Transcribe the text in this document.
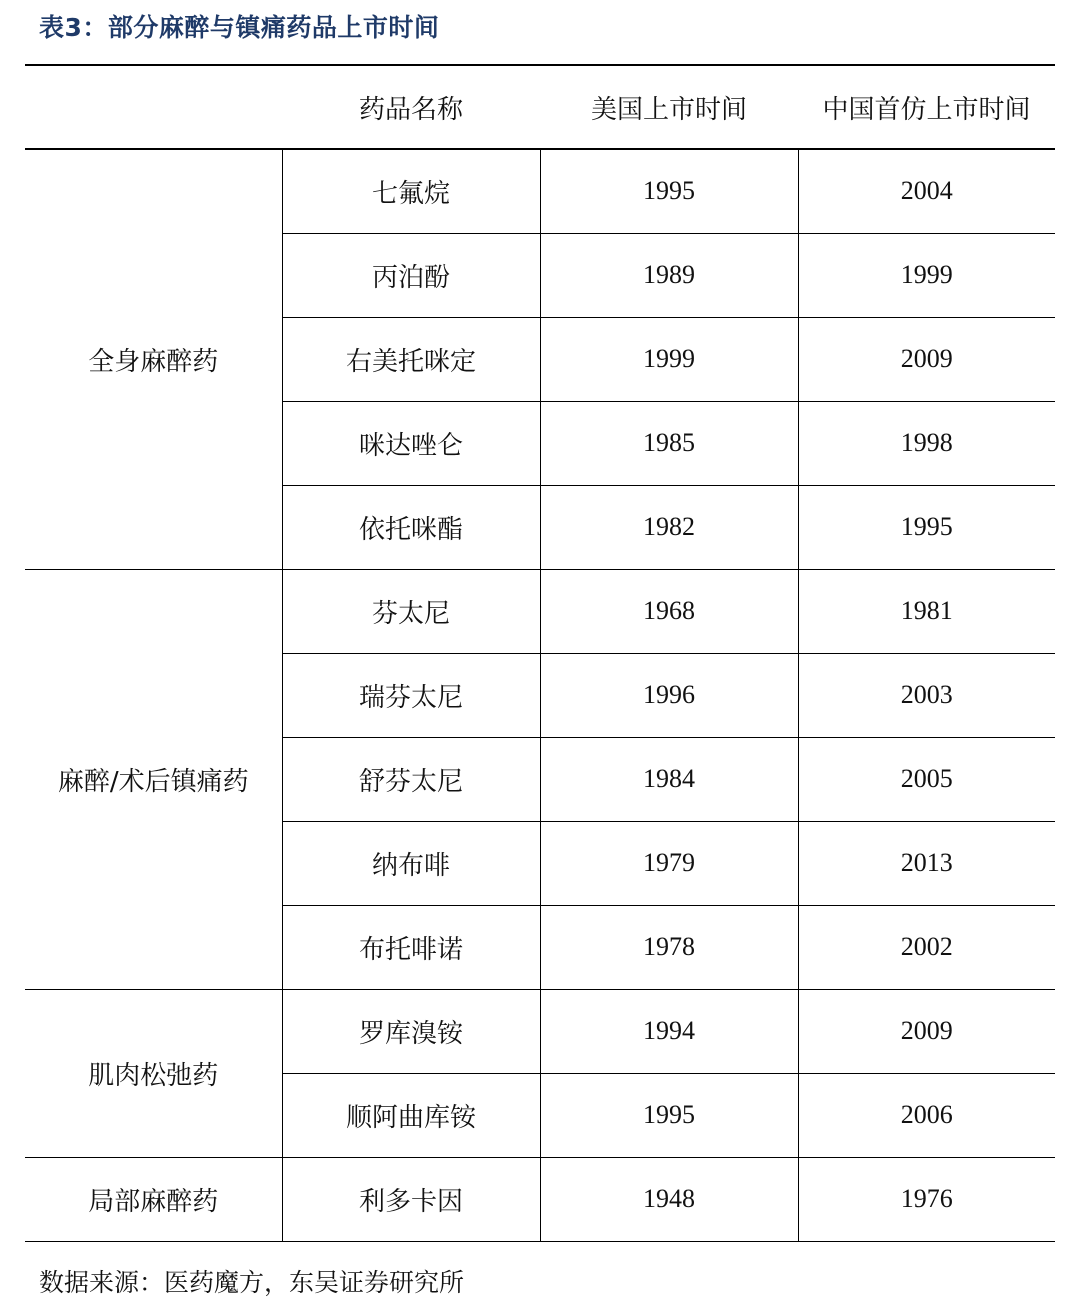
表3：部分麻醉与镇痛药品上市时间
	药品名称	美国上市时间	中国首仿上市时间
全身麻醉药	七氟烷	1995	2004
	丙泊酚	1989	1999
	右美托咪定	1999	2009
	咪达唑仑	1985	1998
	依托咪酯	1982	1995
麻醉/术后镇痛药	芬太尼	1968	1981
	瑞芬太尼	1996	2003
	舒芬太尼	1984	2005
	纳布啡	1979	2013
	布托啡诺	1978	2002
肌肉松弛药	罗库溴铵	1994	2009
	顺阿曲库铵	1995	2006
局部麻醉药	利多卡因	1948	1976
数据来源：医药魔方，东吴证券研究所
